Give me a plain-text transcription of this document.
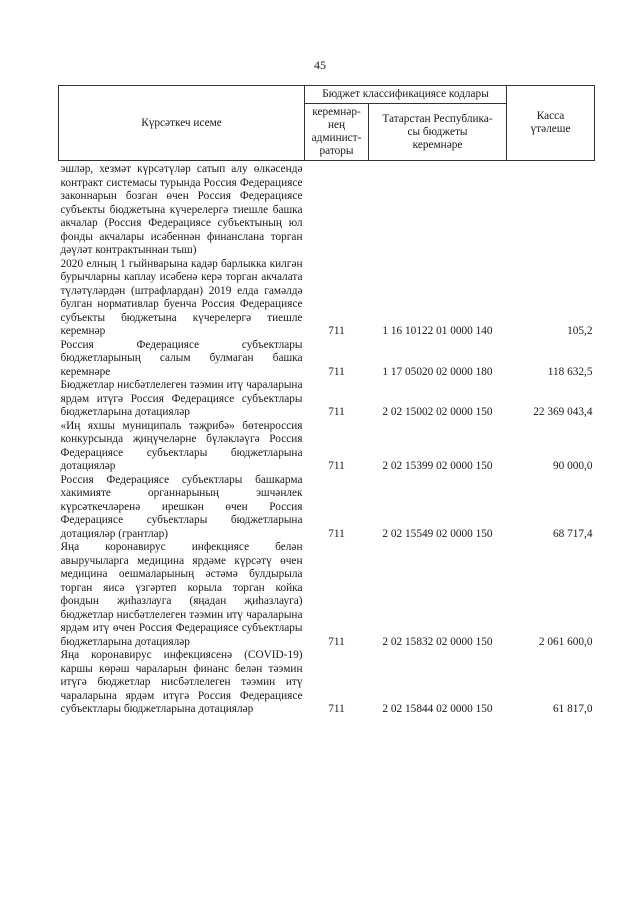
45
Күрсәткеч исеме	Бюджет классификациясе кодлары		Касса
үтәлеше

	керемнәр-
нең
админист-
раторы	Татарстан Республика-
сы бюджеты
керемнәре	

эшләр, хезмәт күрсәтүләр сатып алу өлкәсендә контракт системасы турында Россия Федерациясе законнарын бозган өчен Россия Федерациясе субъекты бюджетына күчерелергә тиешле башка акчалар (Россия Федерациясе субъектының юл фонды акчалары исәбеннән финанслана торган дәүләт контрактыннан тыш)			
2020 елның 1 гыйнварына кадәр барлыкка килгән бурычларны каплау исәбенә керә торган акчалата түләтүләрдән (штрафлардан) 2019 елда гамәлдә булган нормативлар буенча Россия Федерациясе субъекты бюджетына күчерелергә тиешле керемнәр	711	1 16 10122 01 0000 140	105,2
Россия Федерациясе субъектлары бюджетларының салым булмаган башка керемнәре	711	1 17 05020 02 0000 180	118 632,5
Бюджетлар нисбәтлелеген тәэмин итү чараларына ярдәм итүгә Россия Федерациясе субъектлары бюджетларына дотацияләр	711	2 02 15002 02 0000 150	22 369 043,4
«Иң яхшы муниципаль тәҗрибә» бөтенроссия конкурсында җиңүчеләрне бүләкләүгә Россия Федерациясе субъектлары бюджетларына дотацияләр	711	2 02 15399 02 0000 150	90 000,0
Россия Федерациясе субъектлары башкарма хакимияте органнарының эшчәнлек күрсәткечләренә ирешкән өчен Россия Федерациясе субъектлары бюджетларына дотацияләр (грантлар)	711	2 02 15549 02 0000 150	68 717,4
Яңа коронавирус инфекциясе белән авыручыларга медицина ярдәме күрсәтү өчен медицина оешмаларының әстәмә булдырыла торган яисә үзгәртеп корыла торган койка фондын җиһазлауга (яңадан җиһазлауга) бюджетлар нисбәтлелеген тәэмин итү чараларына ярдәм итү өчен Россия Федерациясе субъектлары бюджетларына дотацияләр	711	2 02 15832 02 0000 150	2 061 600,0
Яңа коронавирус инфекциясенә (COVID-19) каршы көрәш чараларын финанс белән тәэмин итүгә бюджетлар нисбәтлелеген тәэмин итү чараларына ярдәм итүгә Россия Федерациясе субъектлары бюджетларына дотацияләр	711	2 02 15844 02 0000 150	61 817,0
